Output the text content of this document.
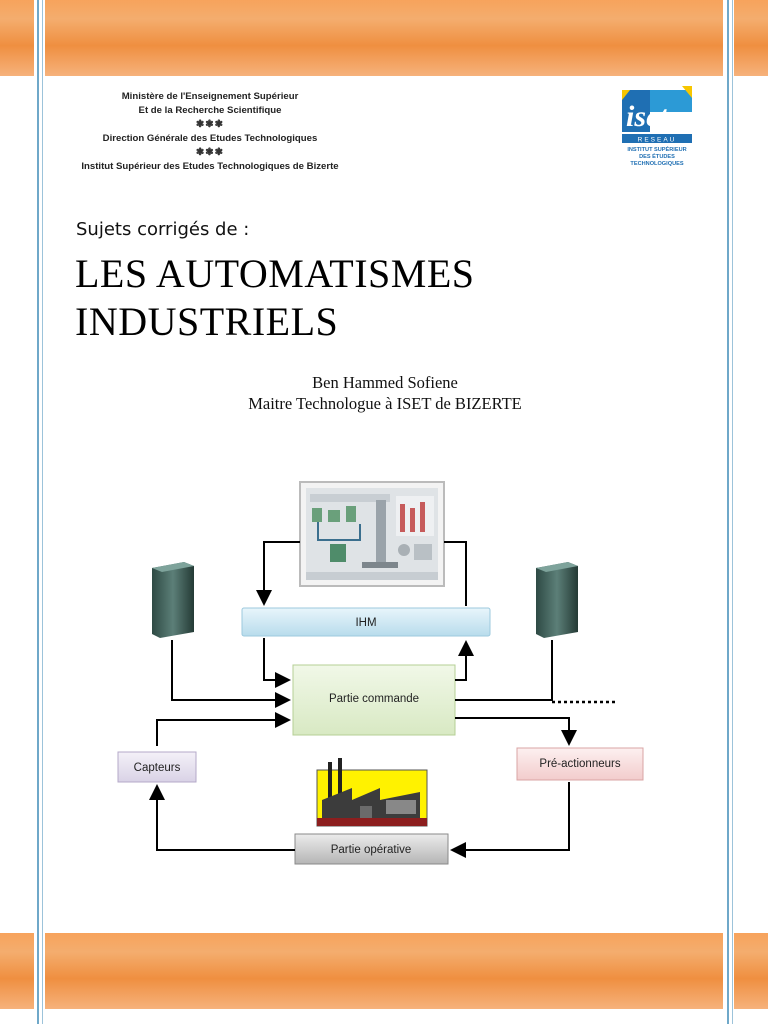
Ministère de l'Enseignement Supérieur
Et de la Recherche Scientifique
❃❃❃
Direction Générale des Etudes Technologiques
❃❃❃
Institut Supérieur des Etudes Technologiques de Bizerte
iset
RESEAU
INSTITUT SUPÉRIEUR
DES ÉTUDES
TECHNOLOGIQUES
Sujets corrigés de :
LES AUTOMATISMES
INDUSTRIELS
Ben Hammed Sofiene
Maitre Technologue à ISET de BIZERTE
IHM
Partie commande
Capteurs	Pré-actionneurs
Partie opérative
